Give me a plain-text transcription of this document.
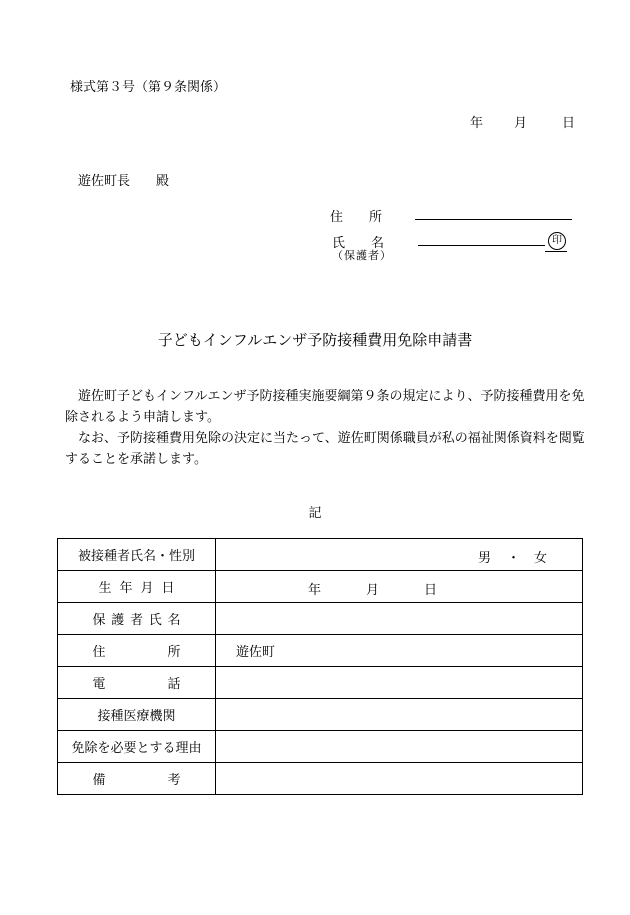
様式第３号（第９条関係）
年 月	日
遊佐町長　　殿
住　　所
氏　　名	印
（保護者）
子どもインフルエンザ予防接種費用免除申請書

遊佐町子どもインフルエンザ予防接種実施要綱第９条の規定により、予防接種費用を免除されるよう申請します。

なお、予防接種費用免除の決定に当たって、遊佐町関係職員が私の福祉関係資料を閲覧することを承諾します。

記
被接種者氏名・性別	男 ・ 女

生年月日	年 月 日

保護者氏名	
住所	遊佐町
電話	
接種医療機関	
免除を必要とする理由	
備考	
